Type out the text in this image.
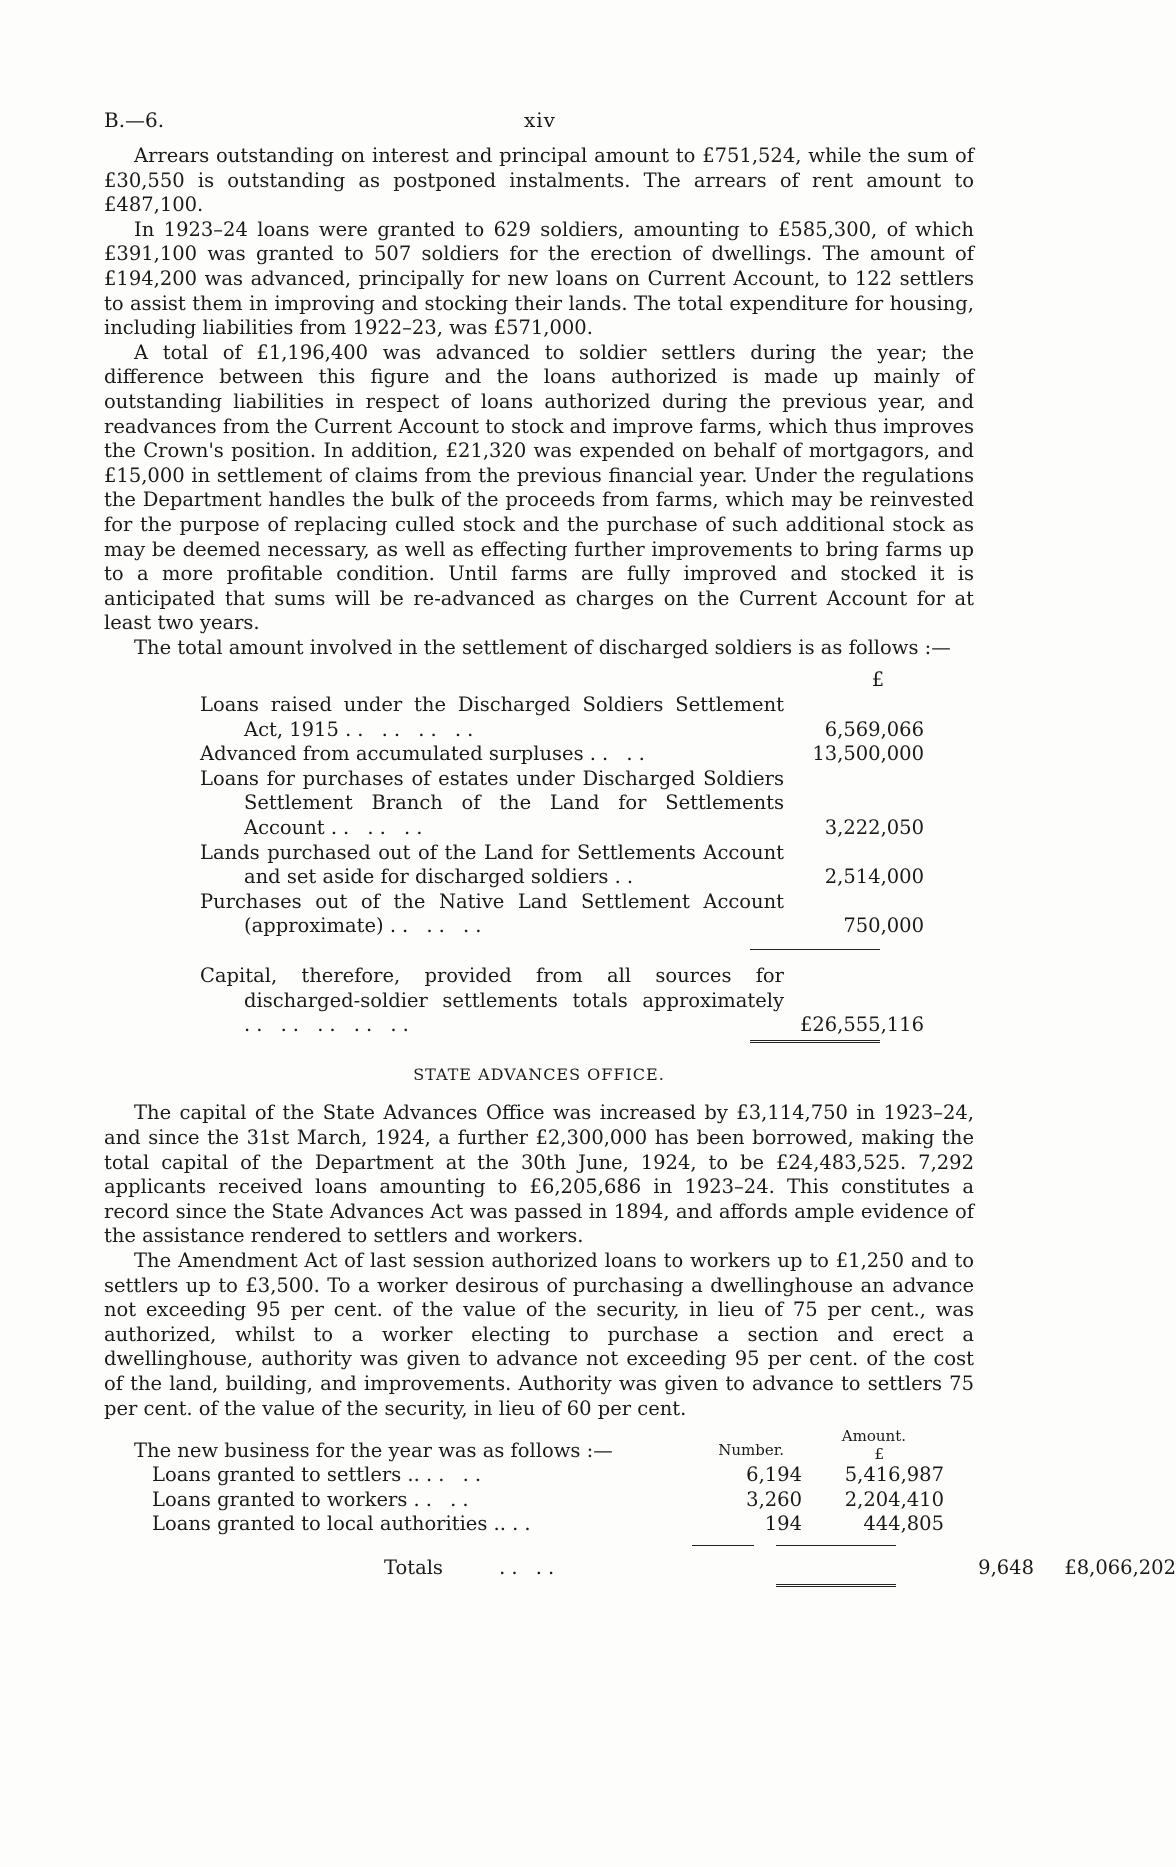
B.—6.	xiv

Arrears outstanding on interest and principal amount to £751,524, while the sum of £30,550 is outstanding as postponed instalments. The arrears of rent amount to £487,100.

In 1923–24 loans were granted to 629 soldiers, amounting to £585,300, of which £391,100 was granted to 507 soldiers for the erection of dwellings. The amount of £194,200 was advanced, principally for new loans on Current Account, to 122 settlers to assist them in improving and stocking their lands. The total expenditure for housing, including liabilities from 1922–23, was £571,000.

A total of £1,196,400 was advanced to soldier settlers during the year; the difference between this figure and the loans authorized is made up mainly of outstanding liabilities in respect of loans authorized during the previous year, and readvances from the Current Account to stock and improve farms, which thus improves the Crown's position. In addition, £21,320 was expended on behalf of mortgagors, and £15,000 in settlement of claims from the previous financial year. Under the regulations the Department handles the bulk of the proceeds from farms, which may be reinvested for the purpose of replacing culled stock and the purchase of such additional stock as may be deemed necessary, as well as effecting further improvements to bring farms up to a more profitable condition. Until farms are fully improved and stocked it is anticipated that sums will be re-advanced as charges on the Current Account for at least two years.

The total amount involved in the settlement of discharged soldiers is as follows :—

£
Loans raised under the Discharged Soldiers Settlement Act, 1915 .. .. .. ..	6,569,066
Advanced from accumulated surpluses .. ..	13,500,000
Loans for purchases of estates under Discharged Soldiers Settlement Branch of the Land for Settlements Account .. .. ..	3,222,050
Lands purchased out of the Land for Settlements Account and set aside for discharged soldiers ..	2,514,000
Purchases out of the Native Land Settlement Account (approximate) .. .. ..	750,000
Capital, therefore, provided from all sources for discharged-soldier settlements totals approximately .. .. .. .. ..	£26,555,116
STATE ADVANCES OFFICE.

The capital of the State Advances Office was increased by £3,114,750 in 1923–24, and since the 31st March, 1924, a further £2,300,000 has been borrowed, making the total capital of the Department at the 30th June, 1924, to be £24,483,525. 7,292 applicants received loans amounting to £6,205,686 in 1923–24. This constitutes a record since the State Advances Act was passed in 1894, and affords ample evidence of the assistance rendered to settlers and workers.

The Amendment Act of last session authorized loans to workers up to £1,250 and to settlers up to £3,500. To a worker desirous of purchasing a dwellinghouse an advance not exceeding 95 per cent. of the value of the security, in lieu of 75 per cent., was authorized, whilst to a worker electing to purchase a section and erect a dwellinghouse, authority was given to advance not exceeding 95 per cent. of the cost of the land, building, and improvements. Authority was given to advance to settlers 75 per cent. of the value of the security, in lieu of 60 per cent.

The new business for the year was as follows :—	Number.
Amount.
£
Loans granted to settlers .. .. ..	6,194	5,416,987
Loans granted to workers .. ..	3,260	2,204,410
Loans granted to local authorities .. ..	194	444,805
Totals	.. ..	9,648	£8,066,202
